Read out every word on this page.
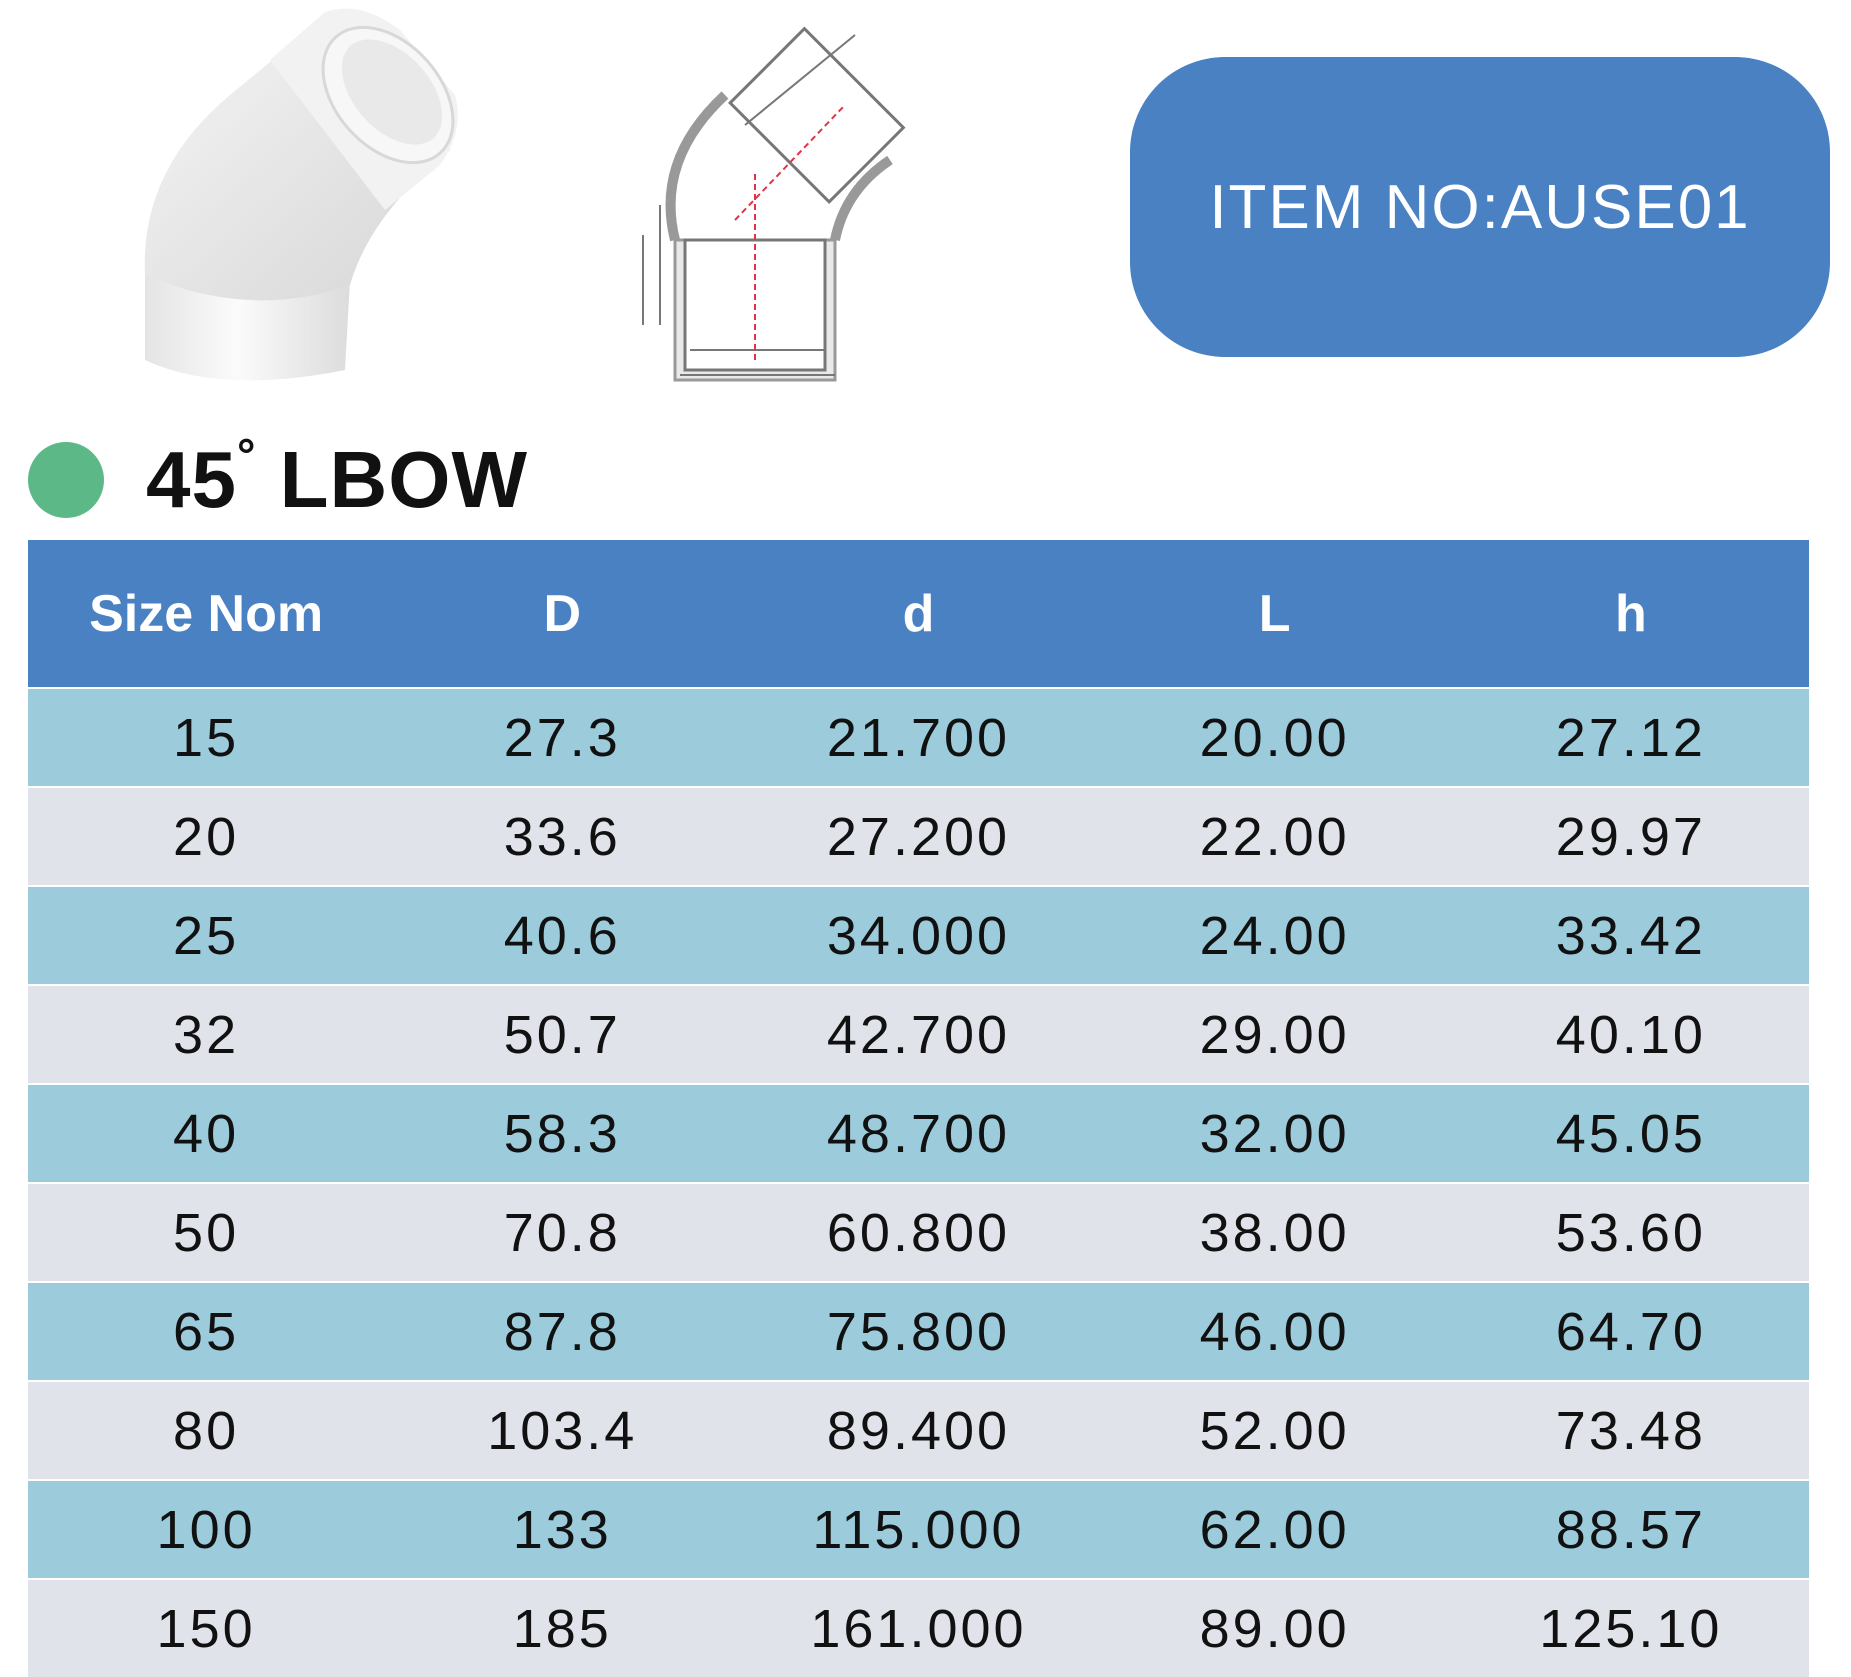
ITEM NO:AUSE01
45° LBOW
Size Nom	D	d	L	h
15	27.3	21.700	20.00	27.12
20	33.6	27.200	22.00	29.97
25	40.6	34.000	24.00	33.42
32	50.7	42.700	29.00	40.10
40	58.3	48.700	32.00	45.05
50	70.8	60.800	38.00	53.60
65	87.8	75.800	46.00	64.70
80	103.4	89.400	52.00	73.48
100	133	115.000	62.00	88.57
150	185	161.000	89.00	125.10
